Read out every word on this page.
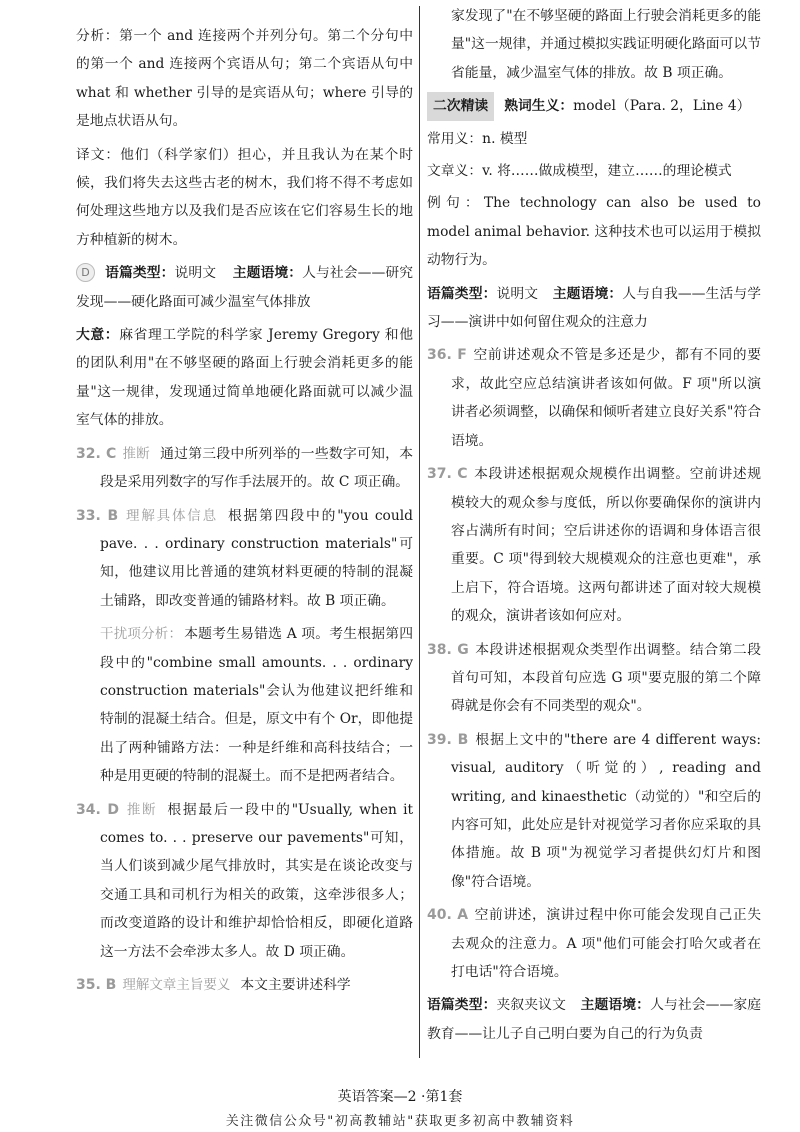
分析：第一个 and 连接两个并列分句。第二个分句中的第一个 and 连接两个宾语从句；第二个宾语从句中 what 和 whether 引导的是宾语从句；where 引导的是地点状语从句。

译文：他们（科学家们）担心，并且我认为在某个时候，我们将失去这些古老的树木，我们将不得不考虑如何处理这些地方以及我们是否应该在它们容易生长的地方种植新的树木。

D 语篇类型：说明文 主题语境：人与社会——研究发现——硬化路面可减少温室气体排放

大意：麻省理工学院的科学家 Jeremy Gregory 和他的团队利用"在不够坚硬的路面上行驶会消耗更多的能量"这一规律，发现通过简单地硬化路面就可以减少温室气体的排放。

32. C 推断 通过第三段中所列举的一些数字可知，本段是采用列数字的写作手法展开的。故 C 项正确。

33. B 理解具体信息 根据第四段中的"you could pave. . . ordinary construction materials"可知，他建议用比普通的建筑材料更硬的特制的混凝土铺路，即改变普通的铺路材料。故 B 项正确。

干扰项分析： 本题考生易错选 A 项。考生根据第四段中的"combine small amounts. . . ordinary construction materials"会认为他建议把纤维和特制的混凝土结合。但是，原文中有个 Or，即他提出了两种铺路方法：一种是纤维和高科技结合；一种是用更硬的特制的混凝土。而不是把两者结合。

34. D 推断 根据最后一段中的"Usually, when it comes to. . . preserve our pavements"可知，当人们谈到减少尾气排放时，其实是在谈论改变与交通工具和司机行为相关的政策，这牵涉很多人；而改变道路的设计和维护却恰恰相反，即硬化道路这一方法不会牵涉太多人。故 D 项正确。

35. B 理解文章主旨要义 本文主要讲述科学

家发现了"在不够坚硬的路面上行驶会消耗更多的能量"这一规律，并通过模拟实践证明硬化路面可以节省能量，减少温室气体的排放。故 B 项正确。

二次精读 熟词生义：model（Para. 2，Line 4）

常用义：n. 模型

文章义：v. 将……做成模型，建立……的理论模式

例句：The technology can also be used to model animal behavior. 这种技术也可以运用于模拟动物行为。

语篇类型：说明文 主题语境：人与自我——生活与学习——演讲中如何留住观众的注意力

36. F 空前讲述观众不管是多还是少，都有不同的要求，故此空应总结演讲者该如何做。F 项"所以演讲者必须调整，以确保和倾听者建立良好关系"符合语境。

37. C 本段讲述根据观众规模作出调整。空前讲述规模较大的观众参与度低，所以你要确保你的演讲内容占满所有时间；空后讲述你的语调和身体语言很重要。C 项"得到较大规模观众的注意也更难"，承上启下，符合语境。这两句都讲述了面对较大规模的观众，演讲者该如何应对。

38. G 本段讲述根据观众类型作出调整。结合第二段首句可知，本段首句应选 G 项"要克服的第二个障碍就是你会有不同类型的观众"。

39. B 根据上文中的"there are 4 different ways: visual, auditory（听觉的）, reading and writing, and kinaesthetic（动觉的）"和空后的内容可知，此处应是针对视觉学习者你应采取的具体措施。故 B 项"为视觉学习者提供幻灯片和图像"符合语境。

40. A 空前讲述，演讲过程中你可能会发现自己正失去观众的注意力。A 项"他们可能会打哈欠或者在打电话"符合语境。

语篇类型：夹叙夹议文 主题语境：人与社会——家庭教育——让儿子自己明白要为自己的行为负责

英语答案—2 ·第1套
关注微信公众号"初高教辅站"获取更多初高中教辅资料
